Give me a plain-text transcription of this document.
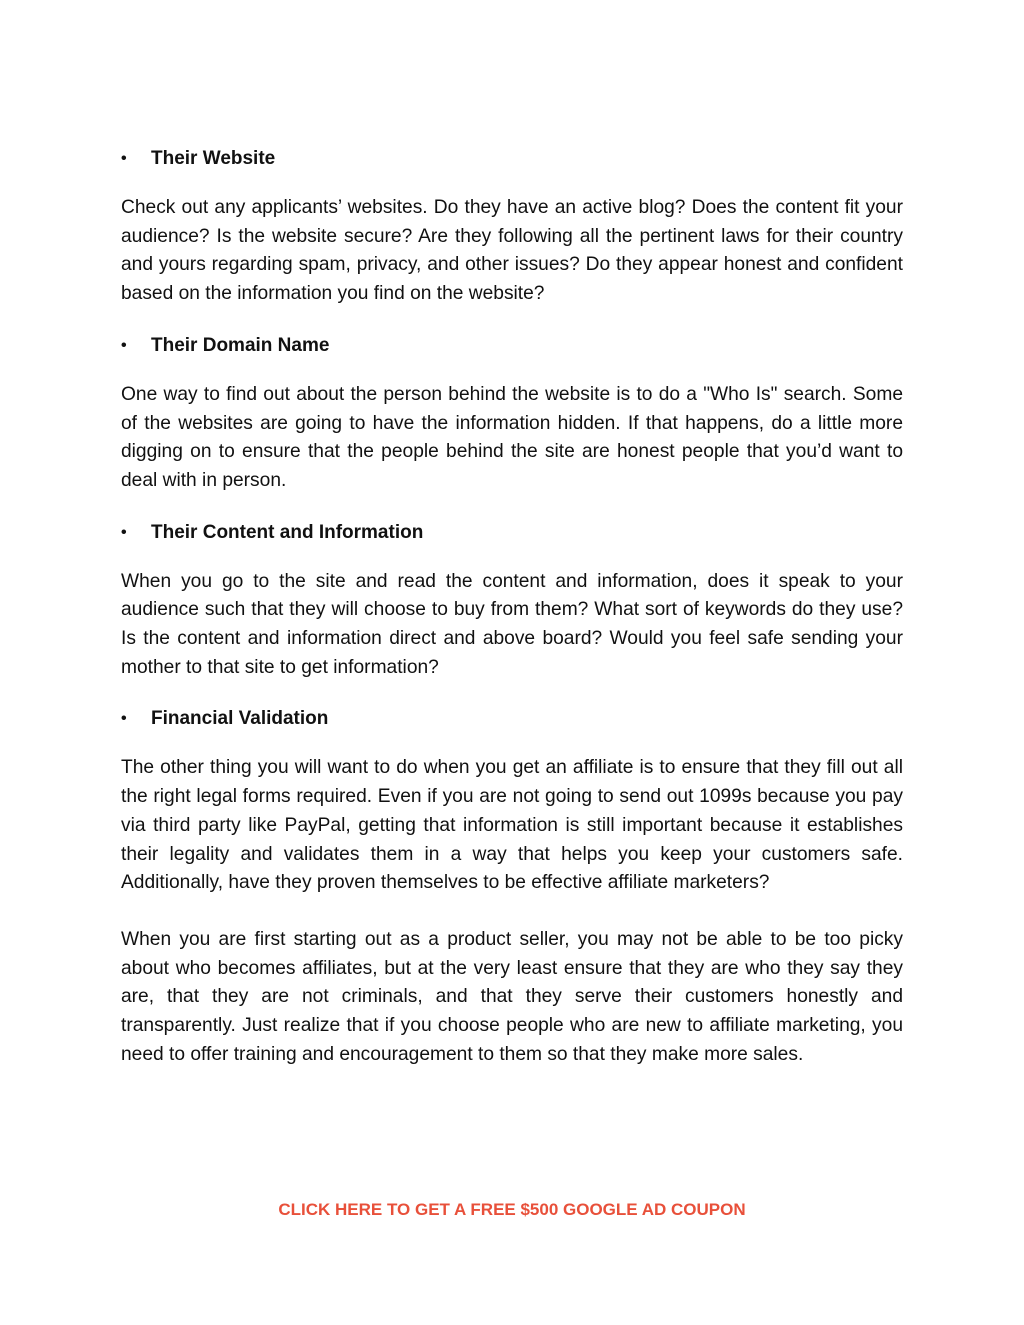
•	Their Website

Check out any applicants’ websites. Do they have an active blog? Does the content fit your audience? Is the website secure? Are they following all the pertinent laws for their country and yours regarding spam, privacy, and other issues? Do they appear honest and confident based on the information you find on the website?

•	Their Domain Name

One way to find out about the person behind the website is to do a "Who Is" search. Some of the websites are going to have the information hidden. If that happens, do a little more digging on to ensure that the people behind the site are honest people that you’d want to deal with in person.

•	Their Content and Information

When you go to the site and read the content and information, does it speak to your audience such that they will choose to buy from them? What sort of keywords do they use? Is the content and information direct and above board? Would you feel safe sending your mother to that site to get information?

•	Financial Validation

The other thing you will want to do when you get an affiliate is to ensure that they fill out all the right legal forms required. Even if you are not going to send out 1099s because you pay via third party like PayPal, getting that information is still important because it establishes their legality and validates them in a way that helps you keep your customers safe. Additionally, have they proven themselves to be effective affiliate marketers?

When you are first starting out as a product seller, you may not be able to be too picky about who becomes affiliates, but at the very least ensure that they are who they say they are, that they are not criminals, and that they serve their customers honestly and transparently. Just realize that if you choose people who are new to affiliate marketing, you need to offer training and encouragement to them so that they make more sales.

CLICK HERE TO GET A FREE $500 GOOGLE AD COUPON
